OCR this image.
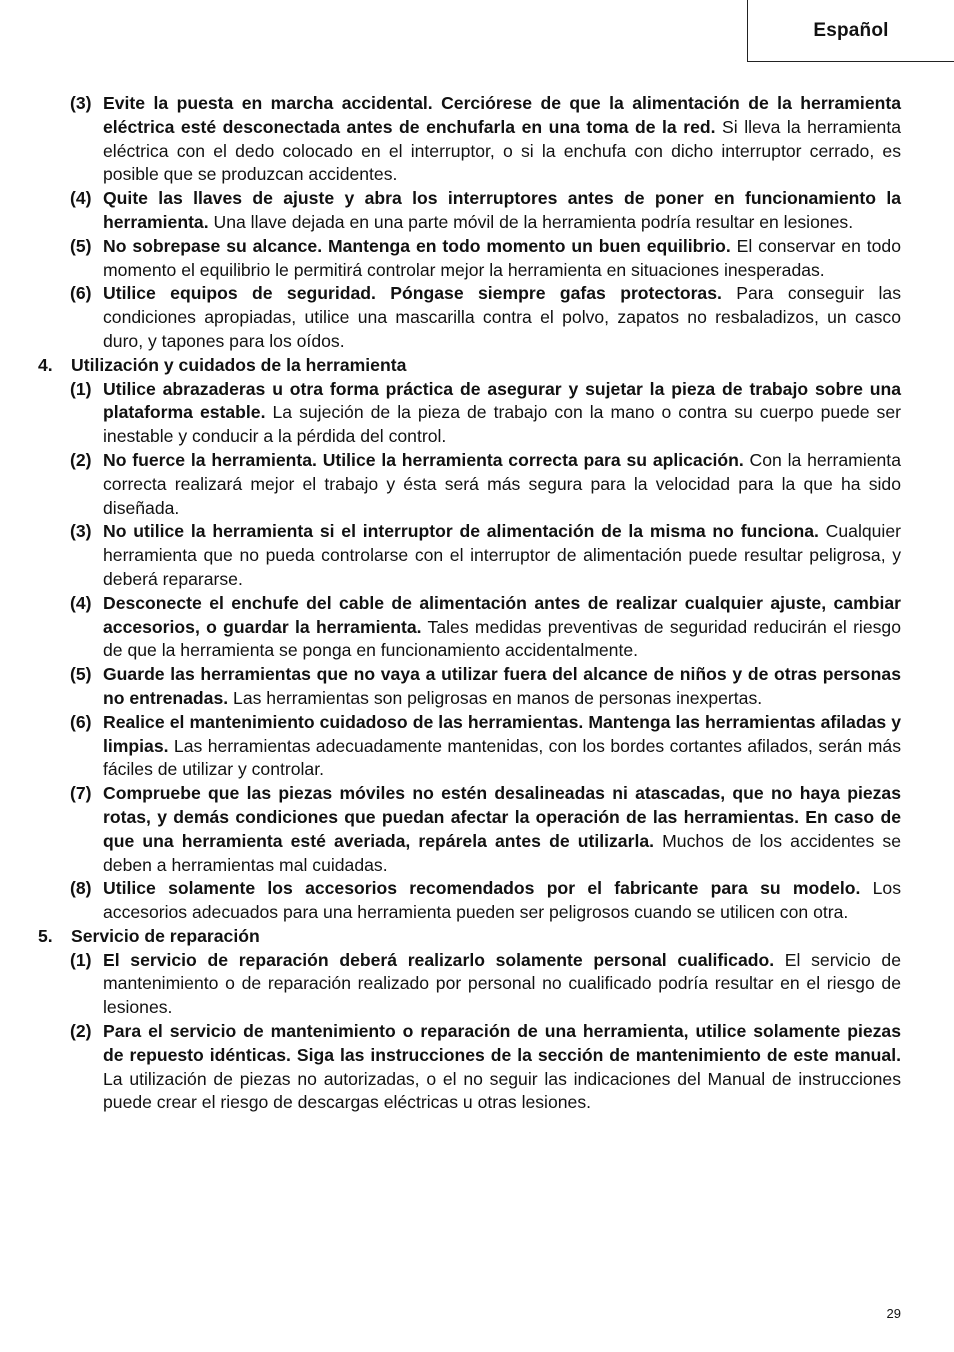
Español
(3) Evite la puesta en marcha accidental. Cerciórese de que la alimentación de la herramienta eléctrica esté desconectada antes de enchufarla en una toma de la red. Si lleva la herramienta eléctrica con el dedo colocado en el interruptor, o si la enchufa con dicho interruptor cerrado, es posible que se produzcan accidentes.
(4) Quite las llaves de ajuste y abra los interruptores antes de poner en funcionamiento la herramienta. Una llave dejada en una parte móvil de la herramienta podría resultar en lesiones.
(5) No sobrepase su alcance. Mantenga en todo momento un buen equilibrio. El conservar en todo momento el equilibrio le permitirá controlar mejor la herramienta en situaciones inesperadas.
(6) Utilice equipos de seguridad. Póngase siempre gafas protectoras. Para conseguir las condiciones apropiadas, utilice una mascarilla contra el polvo, zapatos no resbaladizos, un casco duro, y tapones para los oídos.
4. Utilización y cuidados de la herramienta
(1) Utilice abrazaderas u otra forma práctica de asegurar y sujetar la pieza de trabajo sobre una plataforma estable. La sujeción de la pieza de trabajo con la mano o contra su cuerpo puede ser inestable y conducir a la pérdida del control.
(2) No fuerce la herramienta. Utilice la herramienta correcta para su aplicación. Con la herramienta correcta realizará mejor el trabajo y ésta será más segura para la velocidad para la que ha sido diseñada.
(3) No utilice la herramienta si el interruptor de alimentación de la misma no funciona. Cualquier herramienta que no pueda controlarse con el interruptor de alimentación puede resultar peligrosa, y deberá repararse.
(4) Desconecte el enchufe del cable de alimentación antes de realizar cualquier ajuste, cambiar accesorios, o guardar la herramienta. Tales medidas preventivas de seguridad reducirán el riesgo de que la herramienta se ponga en funcionamiento accidentalmente.
(5) Guarde las herramientas que no vaya a utilizar fuera del alcance de niños y de otras personas no entrenadas. Las herramientas son peligrosas en manos de personas inexpertas.
(6) Realice el mantenimiento cuidadoso de las herramientas. Mantenga las herramientas afiladas y limpias. Las herramientas adecuadamente mantenidas, con los bordes cortantes afilados, serán más fáciles de utilizar y controlar.
(7) Compruebe que las piezas móviles no estén desalineadas ni atascadas, que no haya piezas rotas, y demás condiciones que puedan afectar la operación de las herramientas. En caso de que una herramienta esté averiada, repárela antes de utilizarla. Muchos de los accidentes se deben a herramientas mal cuidadas.
(8) Utilice solamente los accesorios recomendados por el fabricante para su modelo. Los accesorios adecuados para una herramienta pueden ser peligrosos cuando se utilicen con otra.
5. Servicio de reparación
(1) El servicio de reparación deberá realizarlo solamente personal cualificado. El servicio de mantenimiento o de reparación realizado por personal no cualificado podría resultar en el riesgo de lesiones.
(2) Para el servicio de mantenimiento o reparación de una herramienta, utilice solamente piezas de repuesto idénticas. Siga las instrucciones de la sección de mantenimiento de este manual. La utilización de piezas no autorizadas, o el no seguir las indicaciones del Manual de instrucciones puede crear el riesgo de descargas eléctricas u otras lesiones.
29
